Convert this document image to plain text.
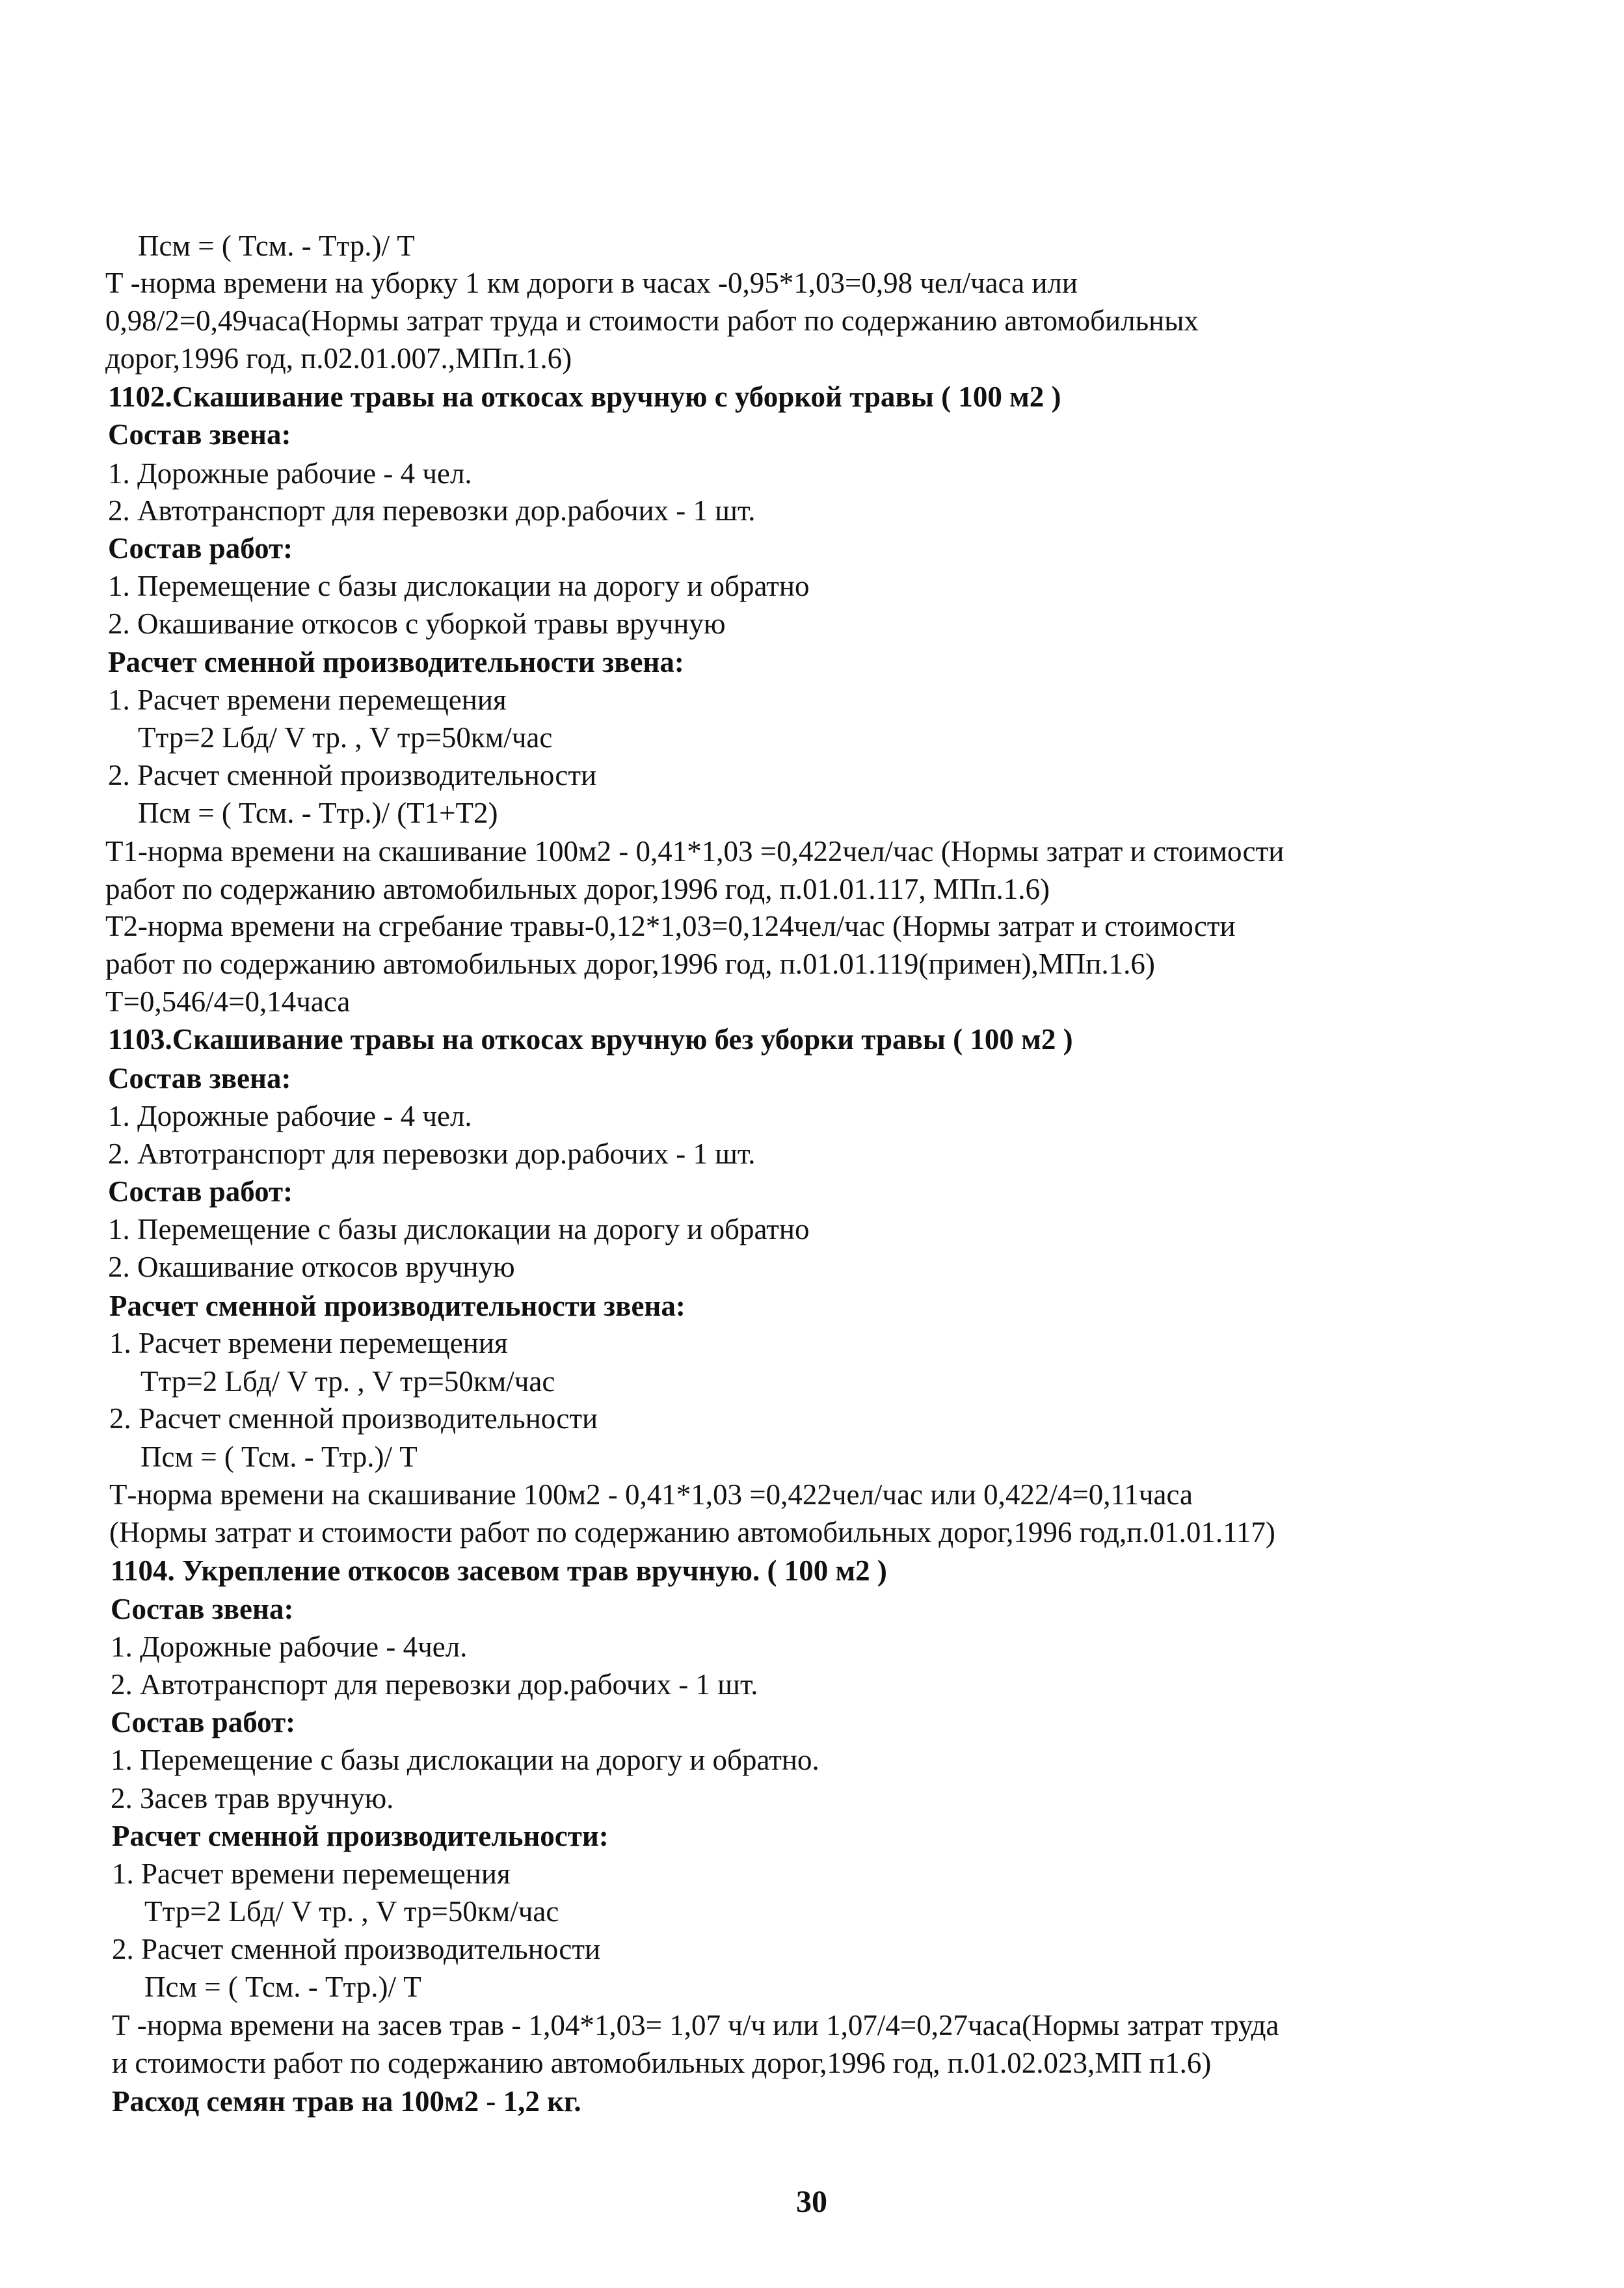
Псм = ( Тсм. - Ттр.)/ Т
Т -норма времени на уборку 1 км дороги в часах -0,95*1,03=0,98 чел/часа или
0,98/2=0,49часа(Нормы затрат труда и стоимости работ по содержанию автомобильных
дорог,1996 год, п.02.01.007.,МПп.1.6)
1102.Скашивание травы на откосах вручную с уборкой травы ( 100 м2 )
Состав звена:
1. Дорожные рабочие - 4 чел.
2. Автотранспорт для перевозки дор.рабочих - 1 шт.
Состав работ:
1. Перемещение с базы дислокации на дорогу и обратно
2. Окашивание откосов с уборкой травы вручную
Расчет сменной производительности звена:
1. Расчет времени перемещения
Ттр=2 Lбд/ V тр. , V тр=50км/час
2. Расчет сменной производительности
Псм = ( Тсм. - Ттр.)/ (Т1+Т2)
Т1-норма времени на скашивание 100м2 - 0,41*1,03 =0,422чел/час (Нормы затрат и стоимости
работ по содержанию автомобильных дорог,1996 год, п.01.01.117, МПп.1.6)
Т2-норма времени на сгребание травы-0,12*1,03=0,124чел/час (Нормы затрат и стоимости
работ по содержанию автомобильных дорог,1996 год, п.01.01.119(примен),МПп.1.6)
Т=0,546/4=0,14часа
1103.Скашивание травы на откосах вручную без уборки травы ( 100 м2 )
Состав звена:
1. Дорожные рабочие - 4 чел.
2. Автотранспорт для перевозки дор.рабочих - 1 шт.
Состав работ:
1. Перемещение с базы дислокации на дорогу и обратно
2. Окашивание откосов вручную
Расчет сменной производительности звена:
1. Расчет времени перемещения
Ттр=2 Lбд/ V тр. , V тр=50км/час
2. Расчет сменной производительности
Псм = ( Тсм. - Ттр.)/ Т
Т-норма времени на скашивание 100м2 - 0,41*1,03 =0,422чел/час или 0,422/4=0,11часа
(Нормы затрат и стоимости работ по содержанию автомобильных дорог,1996 год,п.01.01.117)
1104. Укрепление откосов засевом трав вручную. ( 100 м2 )
Состав звена:
1. Дорожные рабочие - 4чел.
2. Автотранспорт для перевозки дор.рабочих - 1 шт.
Состав работ:
1. Перемещение с базы дислокации на дорогу и обратно.
2. Засев трав вручную.
Расчет сменной производительности:
1. Расчет времени перемещения
Ттр=2 Lбд/ V тр. , V тр=50км/час
2. Расчет сменной производительности
Псм = ( Тсм. - Ттр.)/ Т
Т -норма времени на засев трав - 1,04*1,03= 1,07 ч/ч или 1,07/4=0,27часа(Нормы затрат труда
и стоимости работ по содержанию автомобильных дорог,1996 год, п.01.02.023,МП п1.6)
Расход семян трав на 100м2 - 1,2 кг.
30
